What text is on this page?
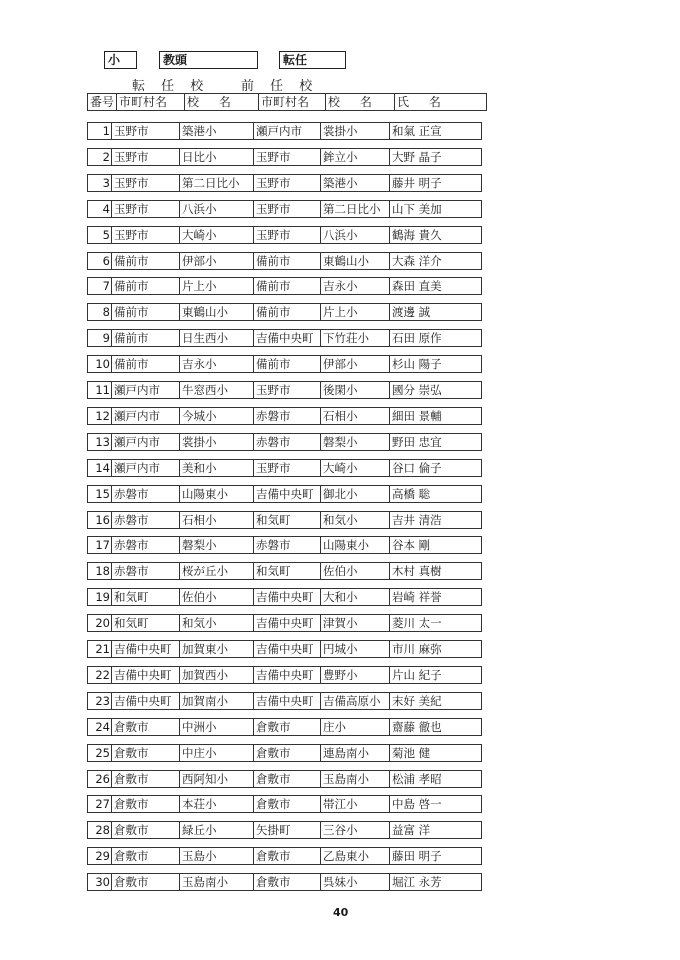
小	教頭	転任
転 任 校 前 任 校
番号	市町村名	校 名	市町村名	校 名	氏 名
1	玉野市	築港小	瀬戸内市	裳掛小	和氣 正宣
2	玉野市	日比小	玉野市	鉾立小	大野 晶子
3	玉野市	第二日比小	玉野市	築港小	藤井 明子
4	玉野市	八浜小	玉野市	第二日比小	山下 美加
5	玉野市	大崎小	玉野市	八浜小	鶴海 貴久
6	備前市	伊部小	備前市	東鶴山小	大森 洋介
7	備前市	片上小	備前市	吉永小	森田 直美
8	備前市	東鶴山小	備前市	片上小	渡邊 誠
9	備前市	日生西小	吉備中央町	下竹荘小	石田 原作
10	備前市	吉永小	備前市	伊部小	杉山 陽子
11	瀬戸内市	牛窓西小	玉野市	後閑小	國分 崇弘
12	瀬戸内市	今城小	赤磐市	石相小	細田 景輔
13	瀬戸内市	裳掛小	赤磐市	磐梨小	野田 忠宜
14	瀬戸内市	美和小	玉野市	大崎小	谷口 倫子
15	赤磐市	山陽東小	吉備中央町	御北小	高橋 聡
16	赤磐市	石相小	和気町	和気小	吉井 清浩
17	赤磐市	磐梨小	赤磐市	山陽東小	谷本 剛
18	赤磐市	桜が丘小	和気町	佐伯小	木村 真樹
19	和気町	佐伯小	吉備中央町	大和小	岩崎 祥誉
20	和気町	和気小	吉備中央町	津賀小	菱川 太一
21	吉備中央町	加賀東小	吉備中央町	円城小	市川 麻弥
22	吉備中央町	加賀西小	吉備中央町	豊野小	片山 紀子
23	吉備中央町	加賀南小	吉備中央町	吉備高原小	末好 美紀
24	倉敷市	中洲小	倉敷市	庄小	齋藤 徹也
25	倉敷市	中庄小	倉敷市	連島南小	菊池 健
26	倉敷市	西阿知小	倉敷市	玉島南小	松浦 孝昭
27	倉敷市	本荘小	倉敷市	帯江小	中島 啓一
28	倉敷市	緑丘小	矢掛町	三谷小	益富 洋
29	倉敷市	玉島小	倉敷市	乙島東小	藤田 明子
30	倉敷市	玉島南小	倉敷市	呉妹小	堀江 永芳
40
